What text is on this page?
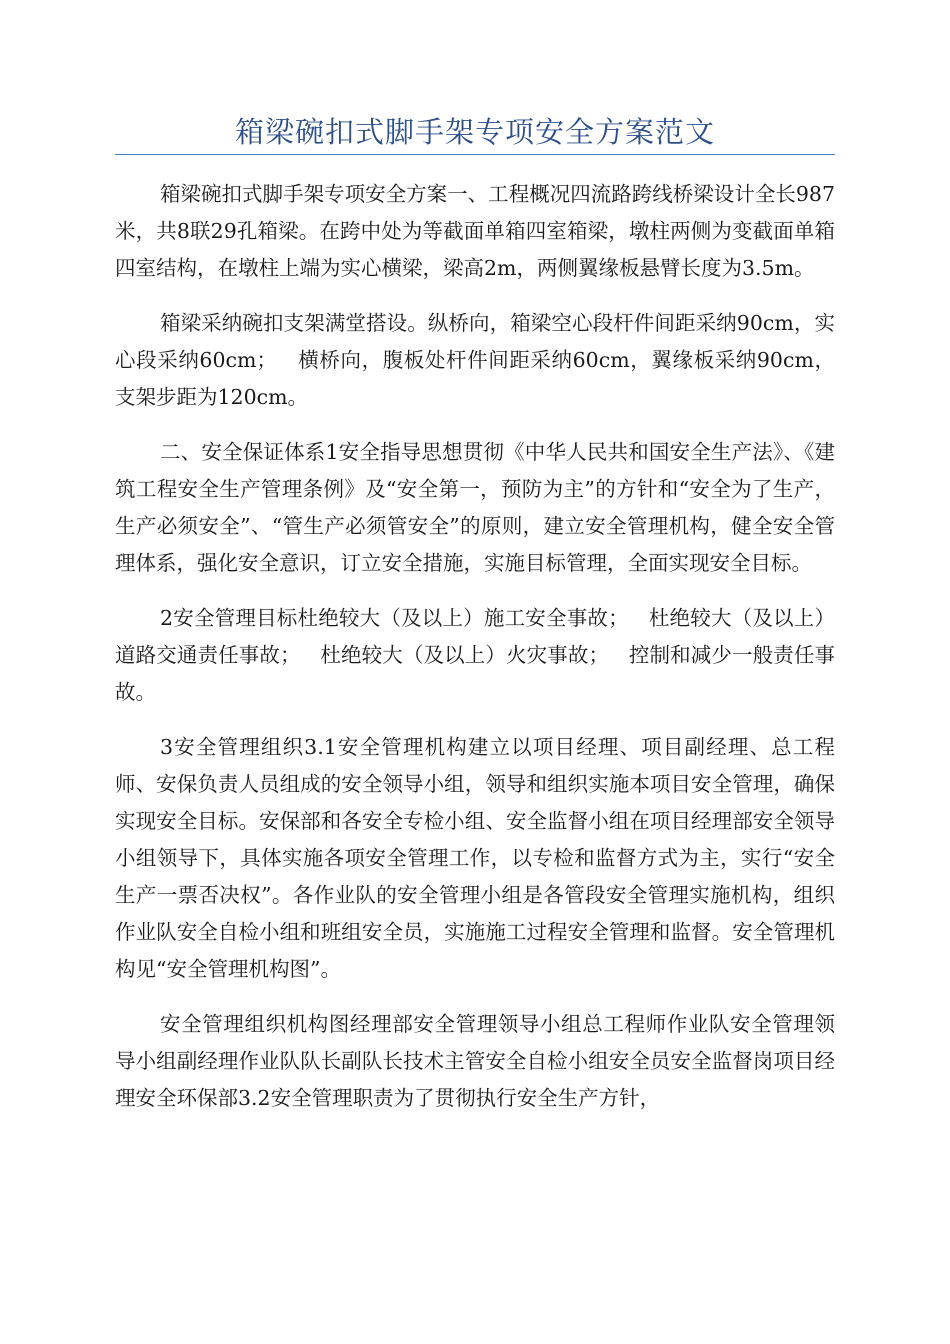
箱梁碗扣式脚手架专项安全方案范文

箱梁碗扣式脚手架专项安全方案一、工程概况四流路跨线桥梁设计全长987米，共8联29孔箱梁。在跨中处为等截面单箱四室箱梁，墩柱两侧为变截面单箱四室结构，在墩柱上端为实心横梁，梁高2m，两侧翼缘板悬臂长度为3.5m。

箱梁采纳碗扣支架满堂搭设。纵桥向，箱梁空心段杆件间距采纳90cm，实心段采纳60cm；   横桥向，腹板处杆件间距采纳60cm，翼缘板采纳90cm，支架步距为120cm。

二、安全保证体系1安全指导思想贯彻《中华人民共和国安全生产法》、《建筑工程安全生产管理条例》及“安全第一，预防为主”的方针和“安全为了生产，生产必须安全”、“管生产必须管安全”的原则，建立安全管理机构，健全安全管理体系，强化安全意识，订立安全措施，实施目标管理，全面实现安全目标。

2安全管理目标杜绝较大（及以上）施工安全事故；   杜绝较大（及以上）道路交通责任事故；   杜绝较大（及以上）火灾事故；   控制和减少一般责任事故。

3安全管理组织3.1安全管理机构建立以项目经理、项目副经理、总工程师、安保负责人员组成的安全领导小组，领导和组织实施本项目安全管理，确保实现安全目标。安保部和各安全专检小组、安全监督小组在项目经理部安全领导小组领导下，具体实施各项安全管理工作，以专检和监督方式为主，实行“安全生产一票否决权”。各作业队的安全管理小组是各管段安全管理实施机构，组织作业队安全自检小组和班组安全员，实施施工过程安全管理和监督。安全管理机构见“安全管理机构图”。

安全管理组织机构图经理部安全管理领导小组总工程师作业队安全管理领导小组副经理作业队队长副队长技术主管安全自检小组安全员安全监督岗项目经理安全环保部3.2安全管理职责为了贯彻执行安全生产方针，
